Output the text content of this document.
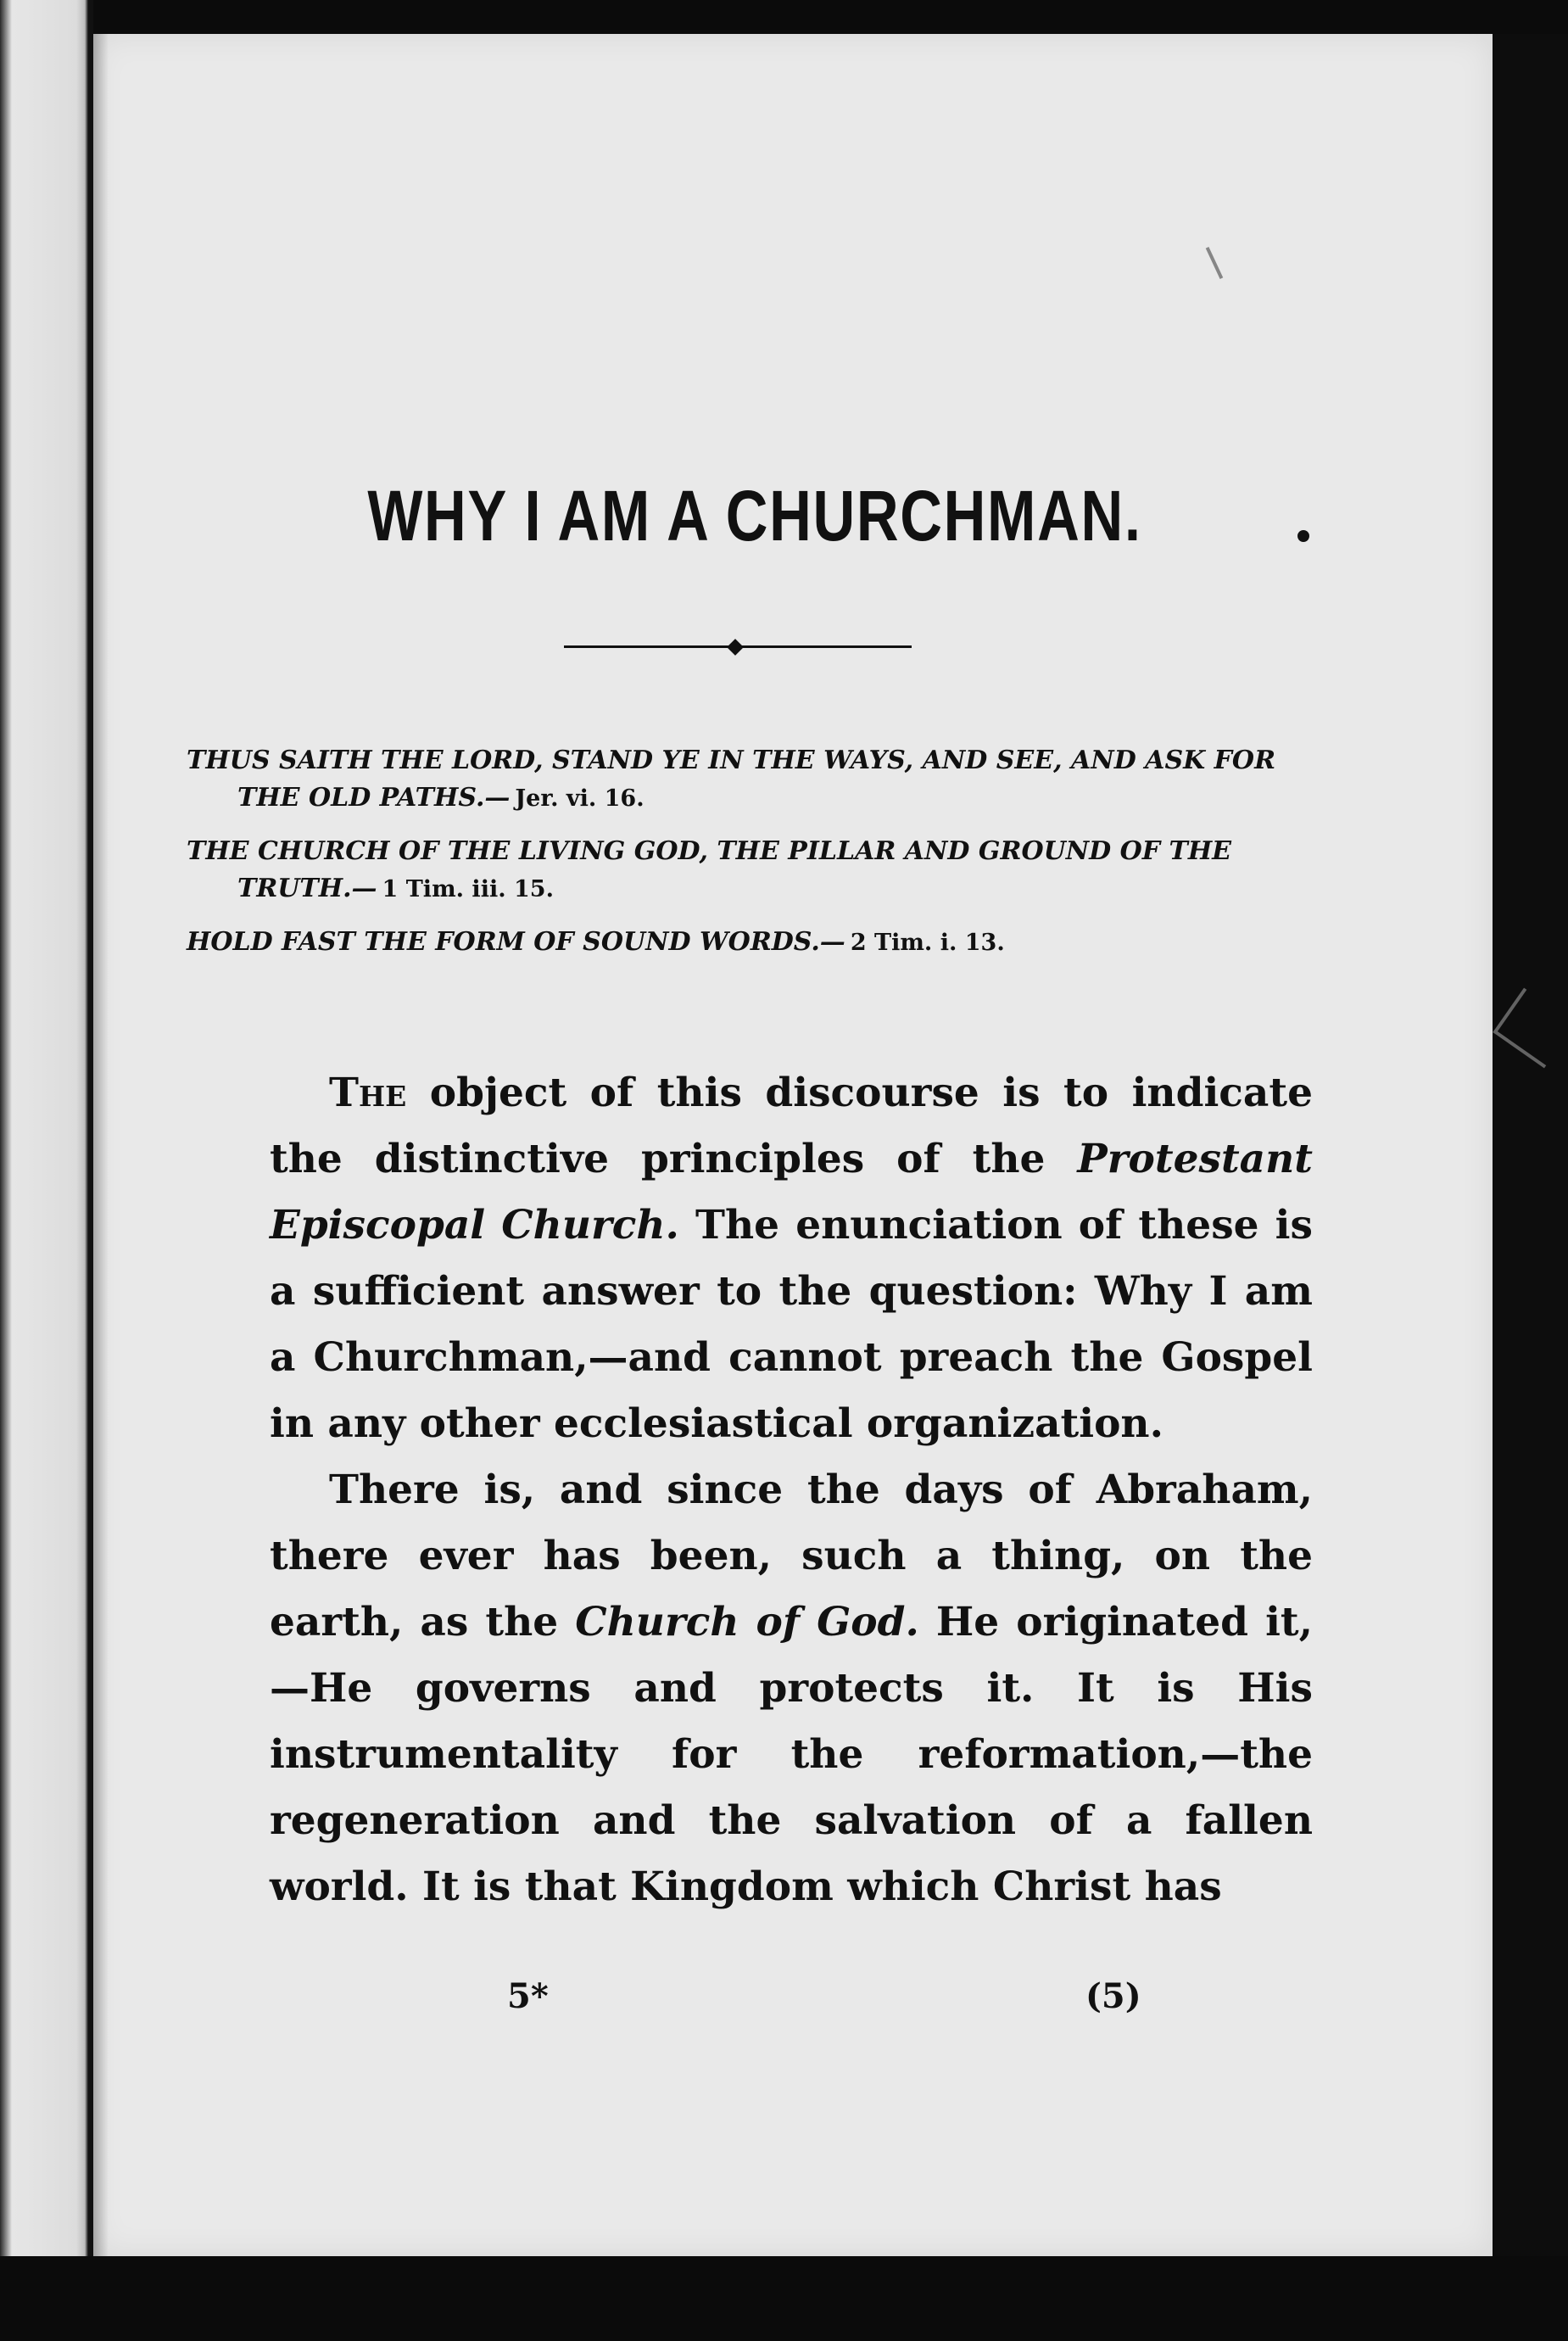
WHY I AM A CHURCHMAN.

THUS SAITH THE LORD, STAND YE IN THE WAYS, AND SEE, AND ASK FOR THE OLD PATHS.— Jer. vi. 16.

THE CHURCH OF THE LIVING GOD, THE PILLAR AND GROUND OF THE TRUTH.— 1 Tim. iii. 15.

HOLD FAST THE FORM OF SOUND WORDS.— 2 Tim. i. 13.

The object of this discourse is to indicate the distinctive principles of the Protestant Episcopal Church. The enunciation of these is a sufficient answer to the question: Why I am a Churchman,—and cannot preach the Gospel in any other ecclesiastical organization.

There is, and since the days of Abraham, there ever has been, such a thing, on the earth, as the Church of God. He originated it,—He governs and protects it. It is His instrumentality for the reformation,—the regeneration and the salvation of a fallen world. It is that Kingdom which Christ has

5*	(5)
